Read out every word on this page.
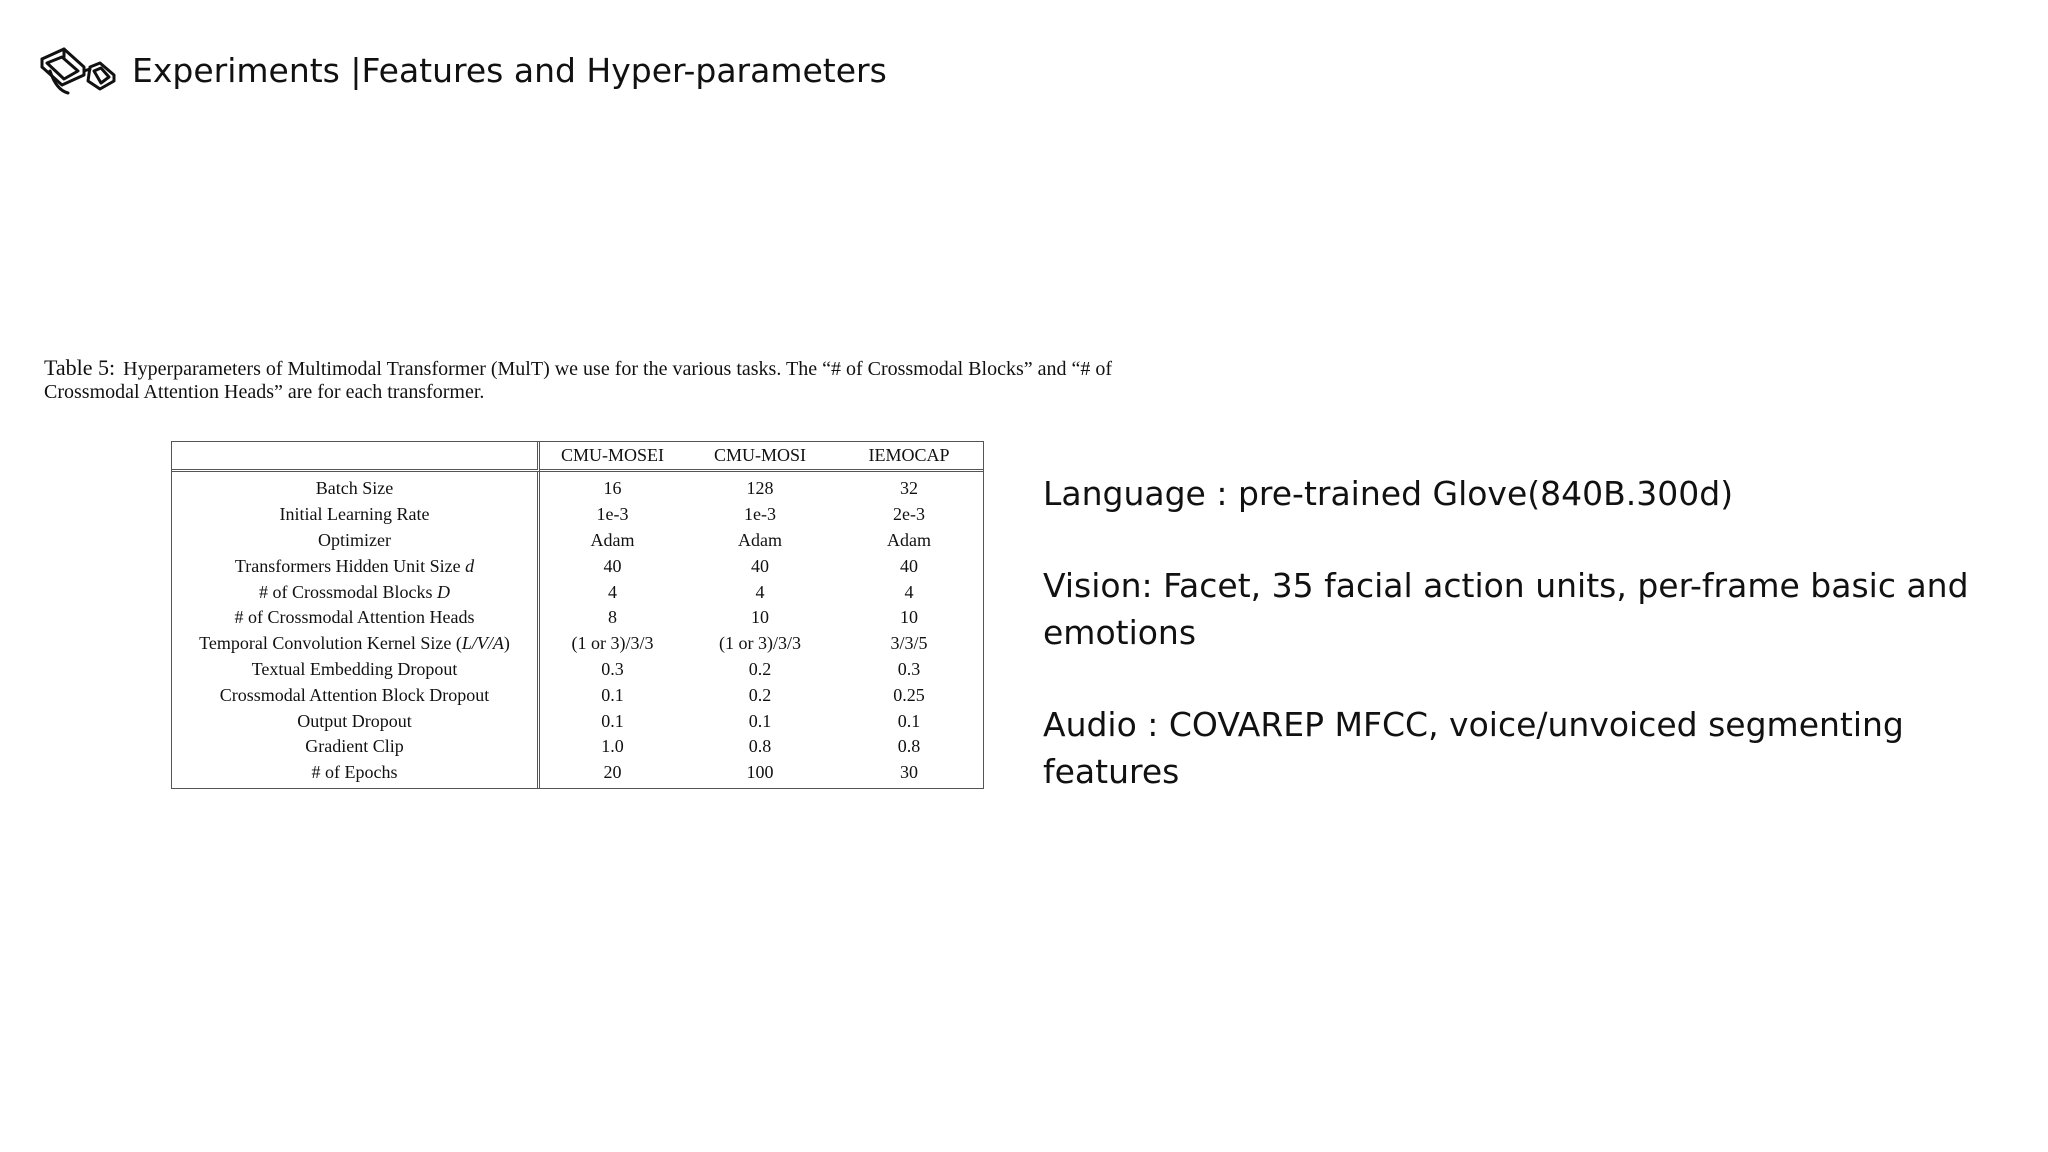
Experiments |Features and Hyper-parameters
Table 5: Hyperparameters of Multimodal Transformer (MulT) we use for the various tasks. The “# of Crossmodal Blocks” and “# of Crossmodal Attention Heads” are for each transformer.
	CMU-MOSEI	CMU-MOSI	IEMOCAP
Batch Size	16	128	32
Initial Learning Rate	1e-3	1e-3	2e-3
Optimizer	Adam	Adam	Adam
Transformers Hidden Unit Size d	40	40	40
# of Crossmodal Blocks D	4	4	4
# of Crossmodal Attention Heads	8	10	10
Temporal Convolution Kernel Size (L/V/A)	(1 or 3)/3/3	(1 or 3)/3/3	3/3/5
Textual Embedding Dropout	0.3	0.2	0.3
Crossmodal Attention Block Dropout	0.1	0.2	0.25
Output Dropout	0.1	0.1	0.1
Gradient Clip	1.0	0.8	0.8
# of Epochs	20	100	30

Language : pre-trained Glove(840B.300d)

Vision: Facet, 35 facial action units, per-frame basic and emotions

Audio : COVAREP MFCC, voice/unvoiced segmenting features
